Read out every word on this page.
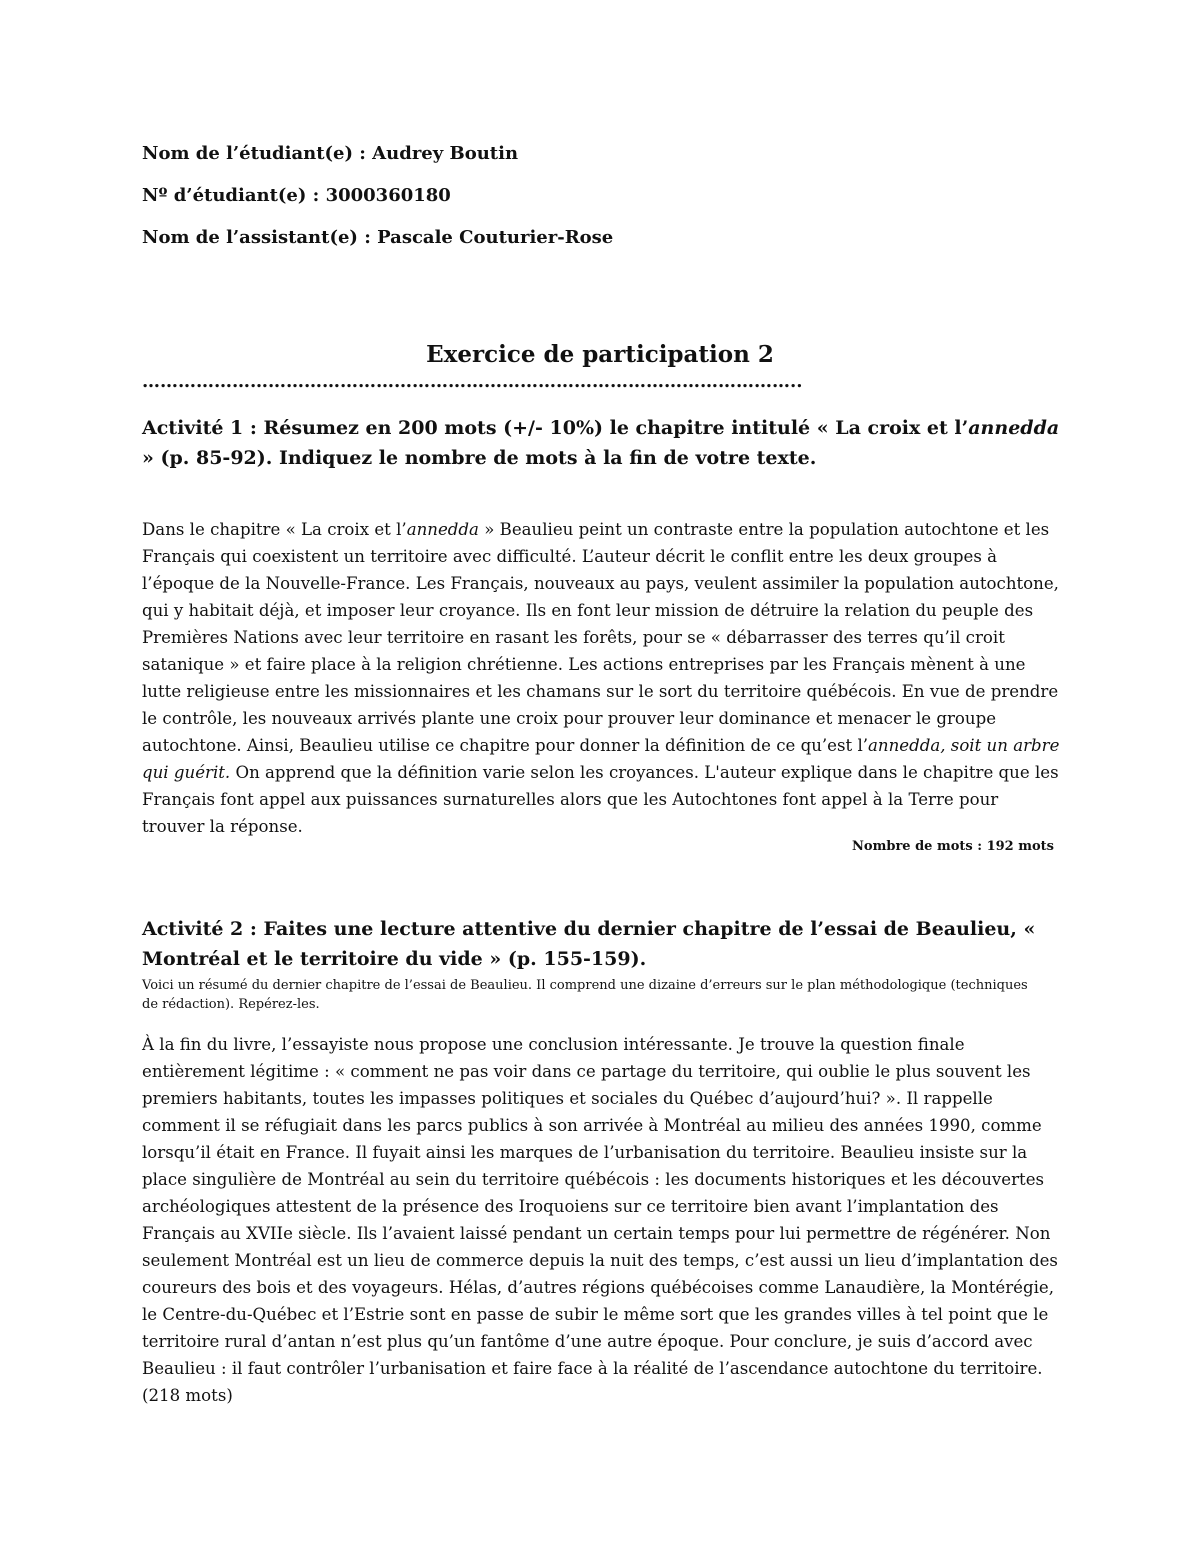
Nom de l’étudiant(e) : Audrey Boutin
Nº d’étudiant(e) : 3000360180
Nom de l’assistant(e) : Pascale Couturier-Rose
Exercice de participation 2
………………………………………………………………………………………………..
Activité 1 : Résumez en 200 mots (+/- 10%) le chapitre intitulé « La croix et l’annedda » (p. 85-92). Indiquez le nombre de mots à la fin de votre texte.
Dans le chapitre « La croix et l’annedda » Beaulieu peint un contraste entre la population autochtone et les Français qui coexistent un territoire avec difficulté. L’auteur décrit le conflit entre les deux groupes à l’époque de la Nouvelle-France. Les Français, nouveaux au pays, veulent assimiler la population autochtone, qui y habitait déjà, et imposer leur croyance. Ils en font leur mission de détruire la relation du peuple des Premières Nations avec leur territoire en rasant les forêts, pour se « débarrasser des terres qu’il croit satanique » et faire place à la religion chrétienne. Les actions entreprises par les Français mènent à une lutte religieuse entre les missionnaires et les chamans sur le sort du territoire québécois. En vue de prendre le contrôle, les nouveaux arrivés plante une croix pour prouver leur dominance et menacer le groupe autochtone. Ainsi, Beaulieu utilise ce chapitre pour donner la définition de ce qu’est l’annedda, soit un arbre qui guérit. On apprend que la définition varie selon les croyances. L'auteur explique dans le chapitre que les Français font appel aux puissances surnaturelles alors que les Autochtones font appel à la Terre pour trouver la réponse.
Nombre de mots : 192 mots
Activité 2 : Faites une lecture attentive du dernier chapitre de l’essai de Beaulieu, « Montréal et le territoire du vide » (p. 155-159).
Voici un résumé du dernier chapitre de l’essai de Beaulieu. Il comprend une dizaine d’erreurs sur le plan méthodologique (techniques de rédaction). Repérez-les.
À la fin du livre, l’essayiste nous propose une conclusion intéressante. Je trouve la question finale entièrement légitime : « comment ne pas voir dans ce partage du territoire, qui oublie le plus souvent les premiers habitants, toutes les impasses politiques et sociales du Québec d’aujourd’hui? ». Il rappelle comment il se réfugiait dans les parcs publics à son arrivée à Montréal au milieu des années 1990, comme lorsqu’il était en France. Il fuyait ainsi les marques de l’urbanisation du territoire. Beaulieu insiste sur la place singulière de Montréal au sein du territoire québécois : les documents historiques et les découvertes archéologiques attestent de la présence des Iroquoiens sur ce territoire bien avant l’implantation des Français au XVIIe siècle. Ils l’avaient laissé pendant un certain temps pour lui permettre de régénérer. Non seulement Montréal est un lieu de commerce depuis la nuit des temps, c’est aussi un lieu d’implantation des coureurs des bois et des voyageurs. Hélas, d’autres régions québécoises comme Lanaudière, la Montérégie, le Centre-du-Québec et l’Estrie sont en passe de subir le même sort que les grandes villes à tel point que le territoire rural d’antan n’est plus qu’un fantôme d’une autre époque. Pour conclure, je suis d’accord avec Beaulieu : il faut contrôler l’urbanisation et faire face à la réalité de l’ascendance autochtone du territoire. (218 mots)
